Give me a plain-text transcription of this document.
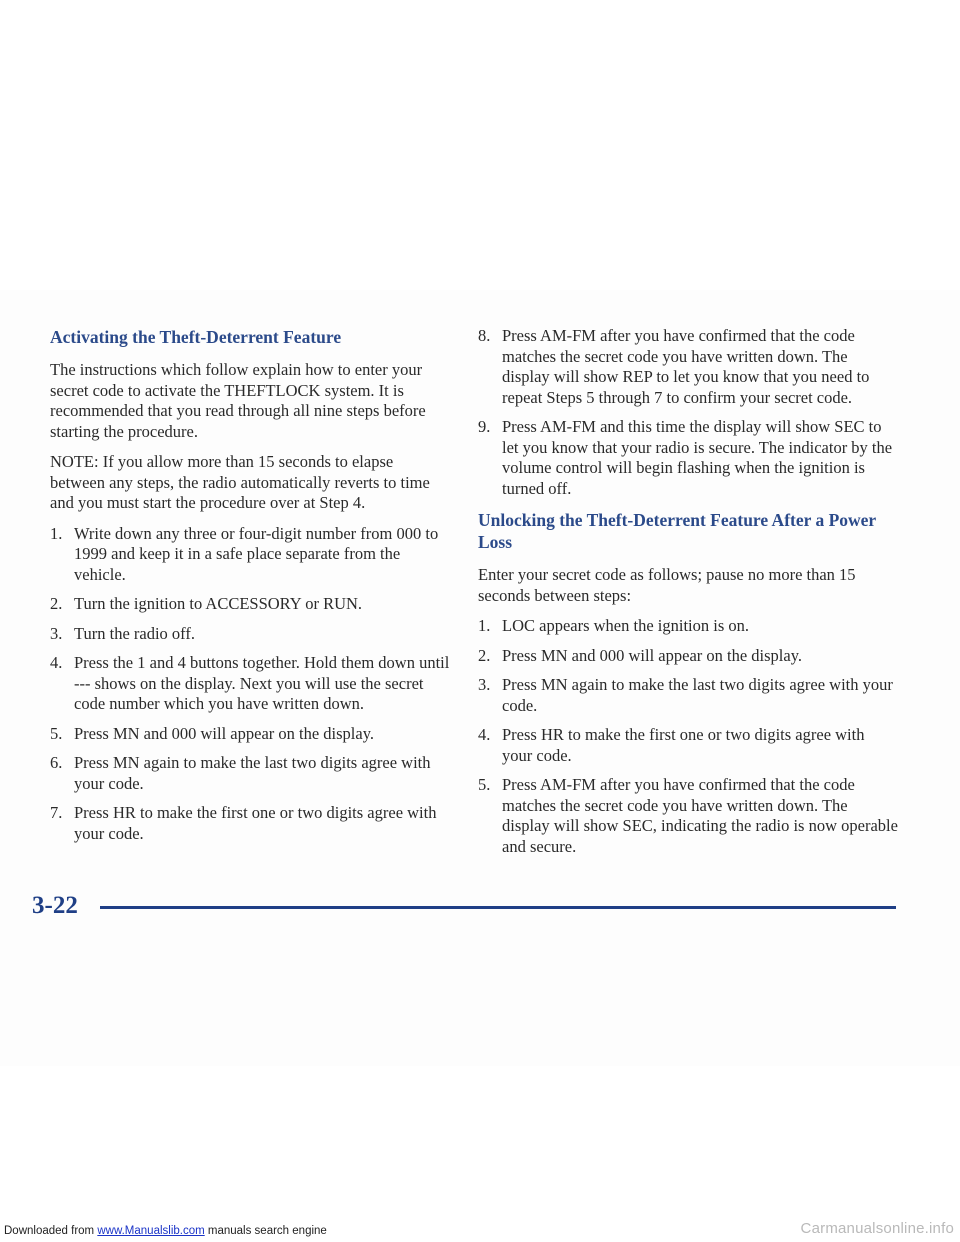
Activating the Theft-Deterrent Feature

The instructions which follow explain how to enter your secret code to activate the THEFTLOCK system. It is recommended that you read through all nine steps before starting the procedure.

NOTE: If you allow more than 15 seconds to elapse between any steps, the radio automatically reverts to time and you must start the procedure over at Step 4.

1. Write down any three or four-digit number from 000 to 1999 and keep it in a safe place separate from the vehicle.
2. Turn the ignition to ACCESSORY or RUN.
3. Turn the radio off.
4. Press the 1 and 4 buttons together. Hold them down until --- shows on the display. Next you will use the secret code number which you have written down.
5. Press MN and 000 will appear on the display.
6. Press MN again to make the last two digits agree with your code.
7. Press HR to make the first one or two digits agree with your code.
8. Press AM-FM after you have confirmed that the code matches the secret code you have written down. The display will show REP to let you know that you need to repeat Steps 5 through 7 to confirm your secret code.
9. Press AM-FM and this time the display will show SEC to let you know that your radio is secure. The indicator by the volume control will begin flashing when the ignition is turned off.
Unlocking the Theft-Deterrent Feature After a Power Loss

Enter your secret code as follows; pause no more than 15 seconds between steps:

1. LOC appears when the ignition is on.
2. Press MN and 000 will appear on the display.
3. Press MN again to make the last two digits agree with your code.
4. Press HR to make the first one or two digits agree with your code.
5. Press AM-FM after you have confirmed that the code matches the secret code you have written down. The display will show SEC, indicating the radio is now operable and secure.
3-22
Downloaded from www.Manualslib.com manuals search engine	Carmanualsonline.info
